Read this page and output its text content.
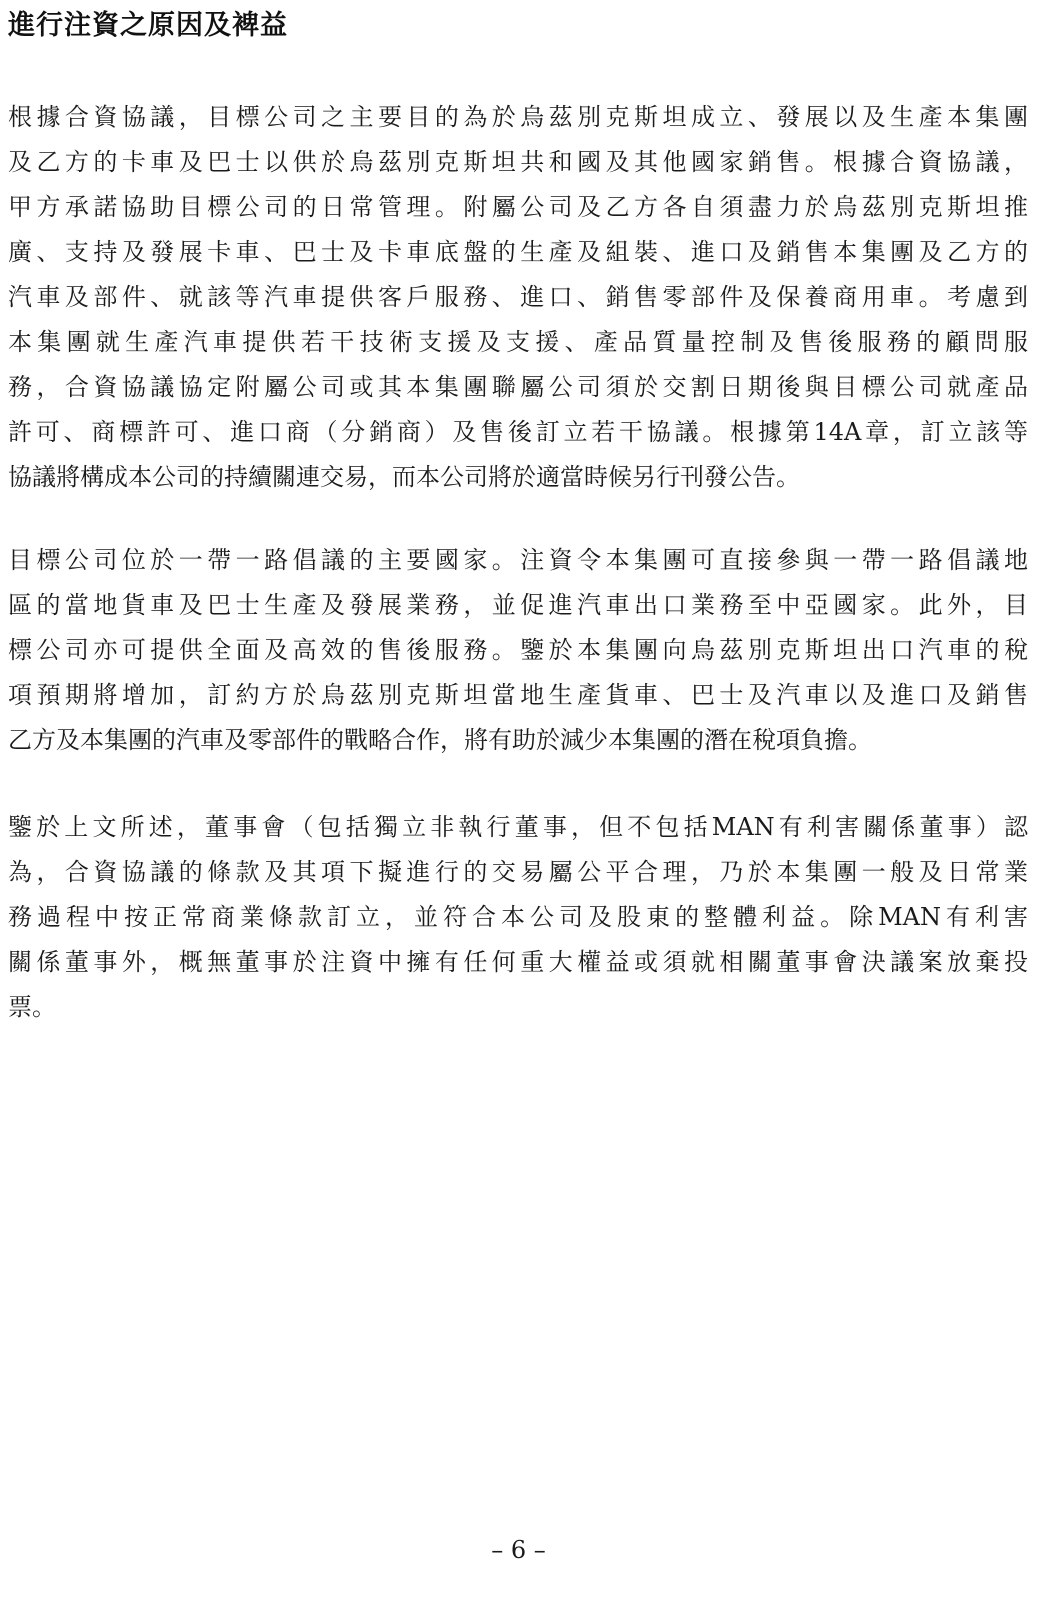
進行注資之原因及裨益
根據合資協議，目標公司之主要目的為於烏茲別克斯坦成立、發展以及生產本集團
及乙方的卡車及巴士以供於烏茲別克斯坦共和國及其他國家銷售。根據合資協議，
甲方承諾協助目標公司的日常管理。附屬公司及乙方各自須盡力於烏茲別克斯坦推
廣、支持及發展卡車、巴士及卡車底盤的生產及組裝、進口及銷售本集團及乙方的
汽車及部件、就該等汽車提供客戶服務、進口、銷售零部件及保養商用車。考慮到
本集團就生產汽車提供若干技術支援及支援、產品質量控制及售後服務的顧問服
務，合資協議協定附屬公司或其本集團聯屬公司須於交割日期後與目標公司就產品
許可、商標許可、進口商（分銷商）及售後訂立若干協議。根據第14A章，訂立該等
協議將構成本公司的持續關連交易，而本公司將於適當時候另行刊發公告。
目標公司位於一帶一路倡議的主要國家。注資令本集團可直接參與一帶一路倡議地
區的當地貨車及巴士生產及發展業務，並促進汽車出口業務至中亞國家。此外，目
標公司亦可提供全面及高效的售後服務。鑒於本集團向烏茲別克斯坦出口汽車的稅
項預期將增加，訂約方於烏茲別克斯坦當地生產貨車、巴士及汽車以及進口及銷售
乙方及本集團的汽車及零部件的戰略合作，將有助於減少本集團的潛在稅項負擔。
鑒於上文所述，董事會（包括獨立非執行董事，但不包括MAN有利害關係董事）認
為，合資協議的條款及其項下擬進行的交易屬公平合理，乃於本集團一般及日常業
務過程中按正常商業條款訂立，並符合本公司及股東的整體利益。除MAN有利害
關係董事外，概無董事於注資中擁有任何重大權益或須就相關董事會決議案放棄投
票。
– 6 –
